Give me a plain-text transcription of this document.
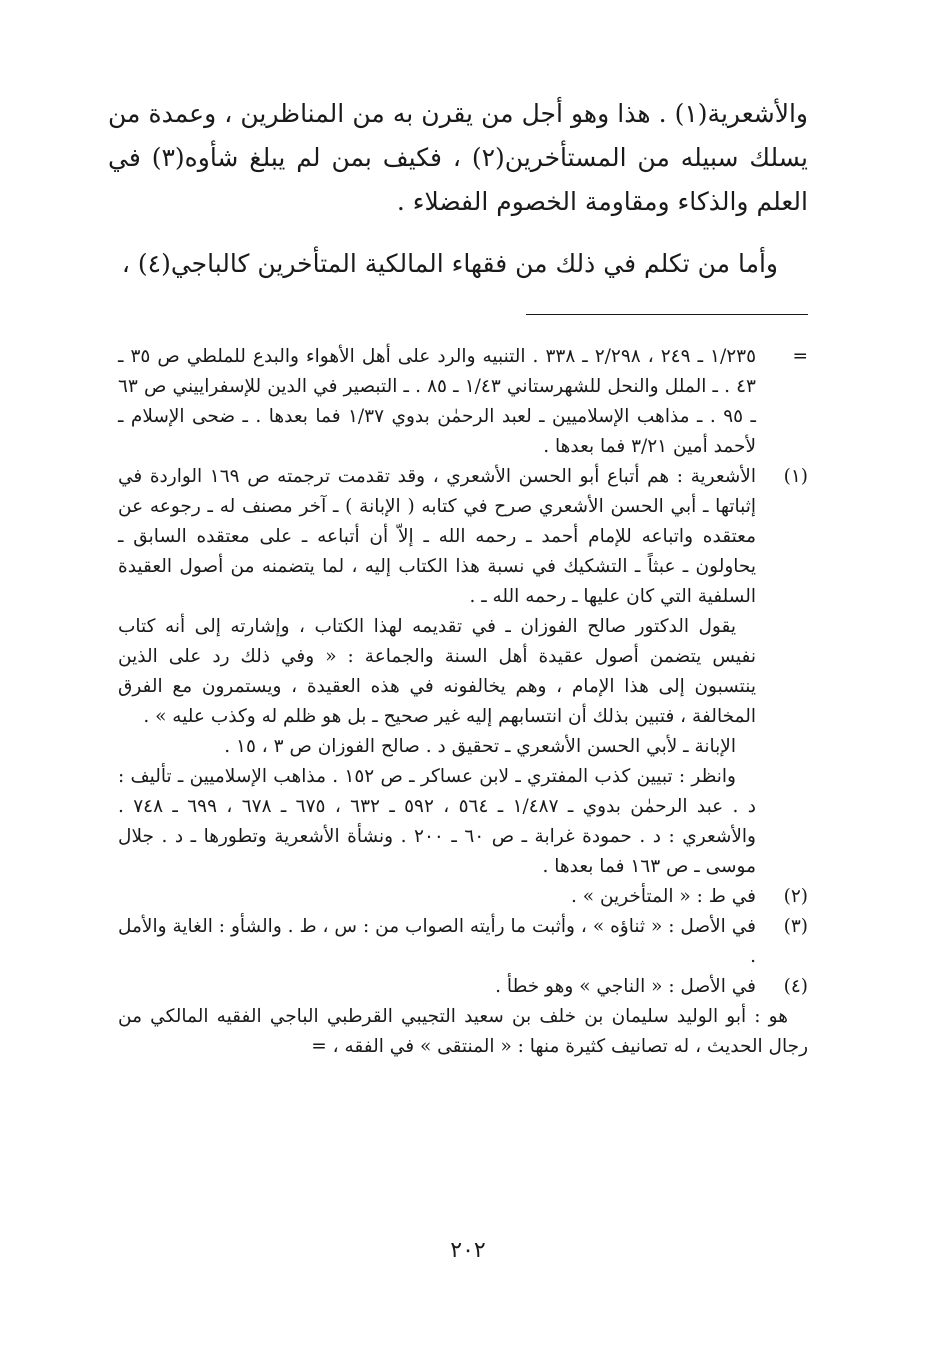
والأشعرية(١) . هذا وهو أجل من يقرن به من المناظرين ، وعمدة من يسلك سبيله من المستأخرين(٢) ، فكيف بمن لم يبلغ شأوه(٣) في العلم والذكاء ومقاومة الخصوم الفضلاء .

وأما من تكلم في ذلك من فقهاء المالكية المتأخرين كالباجي(٤) ،

=

١/٢٣٥ ـ ٢٤٩ ، ٢/٢٩٨ ـ ٣٣٨ . التنبيه والرد على أهل الأهواء والبدع للملطي ص ٣٥ ـ ٤٣ . ـ الملل والنحل للشهرستاني ١/٤٣ ـ ٨٥ . ـ التبصير في الدين للإسفراييني ص ٦٣ ـ ٩٥ . ـ مذاهب الإسلاميين ـ لعبد الرحمٰن بدوي ١/٣٧ فما بعدها . ـ ضحى الإسلام ـ لأحمد أمين ٣/٢١ فما بعدها .

(١)

الأشعرية : هم أتباع أبو الحسن الأشعري ، وقد تقدمت ترجمته ص ١٦٩ الواردة في إثباتها ـ أبي الحسن الأشعري صرح في كتابه ( الإبانة ) ـ آخر مصنف له ـ رجوعه عن معتقده واتباعه للإمام أحمد ـ رحمه الله ـ إلاّ أن أتباعه ـ على معتقده السابق ـ يحاولون ـ عبثاً ـ التشكيك في نسبة هذا الكتاب إليه ، لما يتضمنه من أصول العقيدة السلفية التي كان عليها ـ رحمه الله ـ .

يقول الدكتور صالح الفوزان ـ في تقديمه لهذا الكتاب ، وإشارته إلى أنه كتاب نفيس يتضمن أصول عقيدة أهل السنة والجماعة : « وفي ذلك رد على الذين ينتسبون إلى هذا الإمام ، وهم يخالفونه في هذه العقيدة ، ويستمرون مع الفرق المخالفة ، فتبين بذلك أن انتسابهم إليه غير صحيح ـ بل هو ظلم له وكذب عليه » .

الإبانة ـ لأبي الحسن الأشعري ـ تحقيق د . صالح الفوزان ص ٣ ، ١٥ .

وانظر : تبيين كذب المفتري ـ لابن عساكر ـ ص ١٥٢ . مذاهب الإسلاميين ـ تأليف : د . عبد الرحمٰن بدوي ـ ١/٤٨٧ ـ ٥٦٤ ، ٥٩٢ ـ ٦٣٢ ، ٦٧٥ ـ ٦٧٨ ، ٦٩٩ ـ ٧٤٨ . والأشعري : د . حمودة غرابة ـ ص ٦٠ ـ ٢٠٠ . ونشأة الأشعرية وتطورها ـ د . جلال موسى ـ ص ١٦٣ فما بعدها .

(٢)

في ط : « المتأخرين » .

(٣)

في الأصل : « ثناؤه » ، وأثبت ما رأيته الصواب من : س ، ط . والشأو : الغاية والأمل .

(٤)

في الأصل : « الناجي » وهو خطأ .

هو : أبو الوليد سليمان بن خلف بن سعيد التجيبي القرطبي الباجي الفقيه المالكي من رجال الحديث ، له تصانيف كثيرة منها : « المنتقى » في الفقه ، =

٢٠٢
